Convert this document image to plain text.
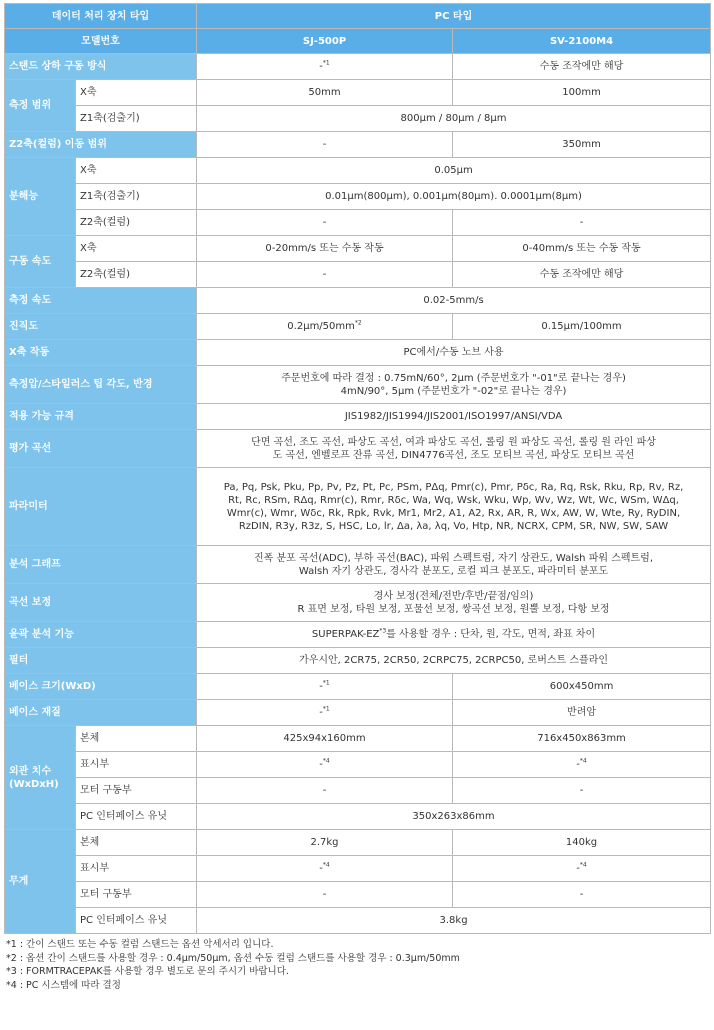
데이터 처리 장치 타입		PC 타입	
모델번호		SJ-500P	SV-2100M4
스탠드 상하 구동 방식		-$^{*1}$	수동 조작에만 해당
측정 범위	X축	50mm	100mm
	Z1축(검출기)	800μm / 80μm / 8μm	
Z2축(컬럼) 이동 범위		-	350mm
분해능	X축	0.05μm	
	Z1축(검출기)	0.01μm(800μm), 0.001μm(80μm). 0.0001μm(8μm)	
	Z2축(컬럼)	-	-
구동 속도	X축	0-20mm/s 또는 수동 작동	0-40mm/s 또는 수동 작동
	Z2축(컬럼)	-	수동 조작에만 해당
측정 속도		0.02-5mm/s	
진직도		$0.2\mu m/50mm^{*2}$	0.15μm/100mm
X축 작동		PC에서/수동 노브 사용	
측정압/스타일러스 팁 각도, 반경		주문번호에 따라 결정 : 0.75mN/60°, 2μm (주문번호가 "-01"로 끝나는 경우)
4mN/90°, 5μm (주문번호가 "-02"로 끝나는 경우)	

적용 가능 규격		JIS1982/JIS1994/JIS2001/ISO1997/ANSI/VDA	
평가 곡선		단면 곡선, 조도 곡선, 파상도 곡선, 여과 파상도 곡선, 롤링 원 파상도 곡선, 롤링 원 라인 파상
도 곡선, 엔벨로프 잔류 곡선, DIN4776곡선, 조도 모티브 곡선, 파상도 모티브 곡선	

파라미터		Pa, Pq, Psk, Pku, Pp, Pv, Pz, Pt, Pc, PSm, PΔq, Pmr(c), Pmr, Pδc, Ra, Rq, Rsk, Rku, Rp, Rv, Rz,
Rt, Rc, RSm, RΔq, Rmr(c), Rmr, Rδc, Wa, Wq, Wsk, Wku, Wp, Wv, Wz, Wt, Wc, WSm, WΔq,
Wmr(c), Wmr, Wδc, Rk, Rpk, Rvk, Mr1, Mr2, A1, A2, Rx, AR, R, Wx, AW, W, Wte, Ry, RyDIN,
RzDIN, R3y, R3z, S, HSC, Lo, lr, Δa, λa, λq, Vo, Htp, NR, NCRX, CPM, SR, NW, SW, SAW	

분석 그래프		진폭 분포 곡선(ADC), 부하 곡선(BAC), 파워 스펙트럼, 자기 상관도, Walsh 파워 스펙트럼,
Walsh 자기 상관도, 경사각 분포도, 로컬 피크 분포도, 파라미터 분포도	

곡선 보정		경사 보정(전체/전반/후반/끝점/임의)
R 표면 보정, 타원 보정, 포물선 보정, 쌍곡선 보정, 원뿔 보정, 다항 보정	

윤곽 분석 기능		SUPERPAK-EZ$^{*3}$를 사용할 경우 : 단차, 원, 각도, 면적, 좌표 차이	
필터		가우시안, 2CR75, 2CR50, 2CRPC75, 2CRPC50, 로버스트 스플라인	
베이스 크기(WxD)		-$^{*1}$	600x450mm
베이스 재질		-$^{*1}$	반려암
외관 치수 (WxDxH)	본체	425x94x160mm	716x450x863mm
	표시부	-$^{*4}$	-$^{*4}$
	모터 구동부	-	-
	PC 인터페이스 유닛	350x263x86mm	
무게	본체	2.7kg	140kg
	표시부	-$^{*4}$	-$^{*4}$
	모터 구동부	-	-
	PC 인터페이스 유닛	3.8kg	
*1 : 간이 스탠드 또는 수동 컬럼 스탠드는 옵션 악세서리 입니다.
*2 : 옵션 간이 스탠드를 사용할 경우 : 0.4μm/50μm, 옵션 수동 컬럼 스탠드를 사용할 경우 : 0.3μm/50mm
*3 : FORMTRACEPAK를 사용할 경우 별도로 문의 주시기 바랍니다.
*4 : PC 시스템에 따라 결정
